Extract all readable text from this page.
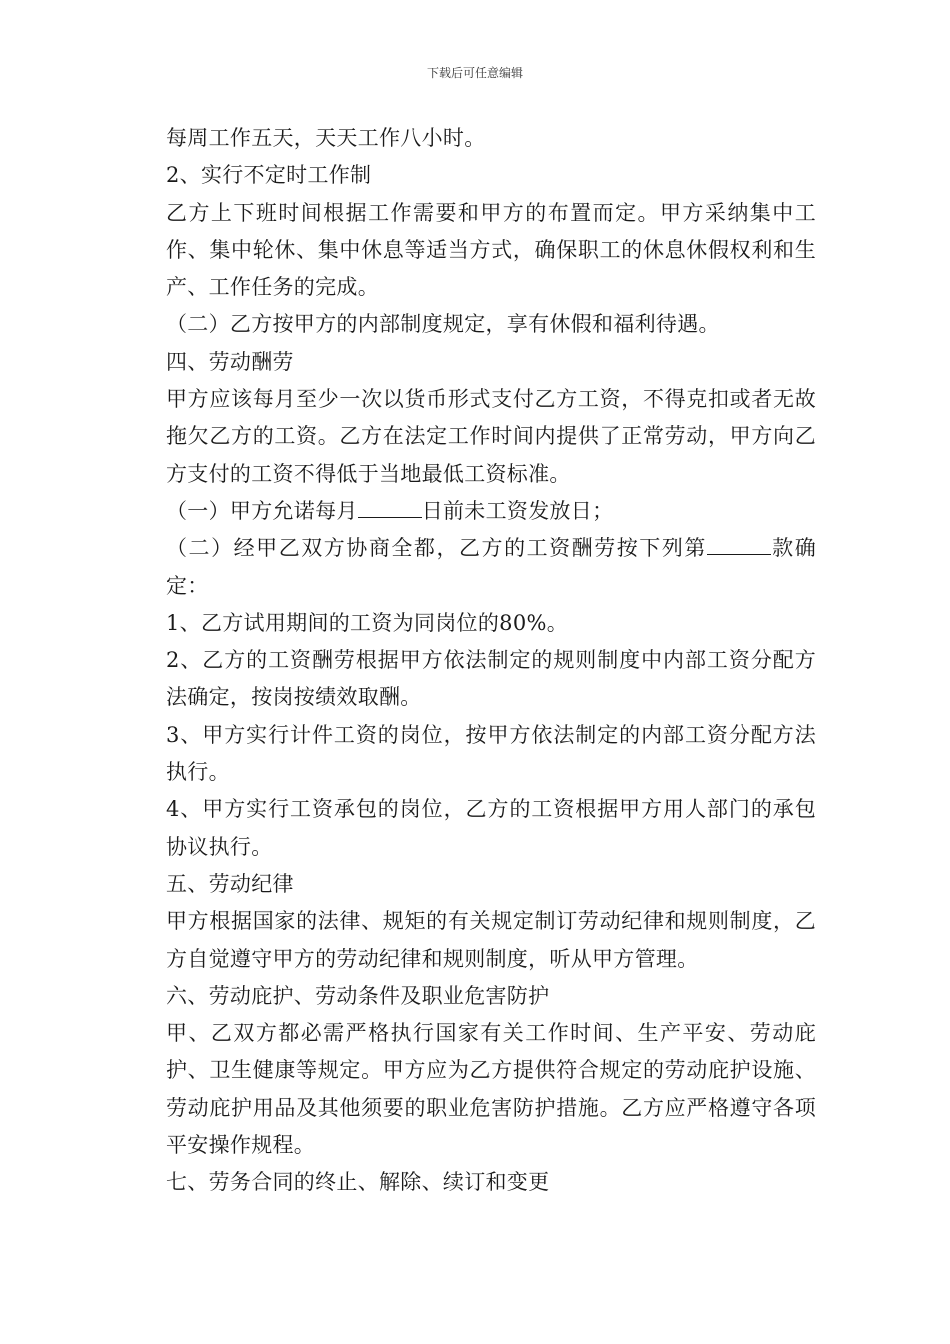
下载后可任意编辑

每周工作五天，天天工作八小时。

2、实行不定时工作制

乙方上下班时间根据工作需要和甲方的布置而定。甲方采纳集中工作、集中轮休、集中休息等适当方式，确保职工的休息休假权利和生产、工作任务的完成。

（二）乙方按甲方的内部制度规定，享有休假和福利待遇。

四、劳动酬劳

甲方应该每月至少一次以货币形式支付乙方工资，不得克扣或者无故拖欠乙方的工资。乙方在法定工作时间内提供了正常劳动，甲方向乙方支付的工资不得低于当地最低工资标准。

（一）甲方允诺每月	日前未工资发放日；

（二）经甲乙双方协商全都，乙方的工资酬劳按下列第	款确定：

1、乙方试用期间的工资为同岗位的80%。

2、乙方的工资酬劳根据甲方依法制定的规则制度中内部工资分配方法确定，按岗按绩效取酬。

3、甲方实行计件工资的岗位，按甲方依法制定的内部工资分配方法执行。

4、甲方实行工资承包的岗位，乙方的工资根据甲方用人部门的承包协议执行。

五、劳动纪律

甲方根据国家的法律、规矩的有关规定制订劳动纪律和规则制度，乙方自觉遵守甲方的劳动纪律和规则制度，听从甲方管理。

六、劳动庇护、劳动条件及职业危害防护

甲、乙双方都必需严格执行国家有关工作时间、生产平安、劳动庇护、卫生健康等规定。甲方应为乙方提供符合规定的劳动庇护设施、劳动庇护用品及其他须要的职业危害防护措施。乙方应严格遵守各项平安操作规程。

七、劳务合同的终止、解除、续订和变更
